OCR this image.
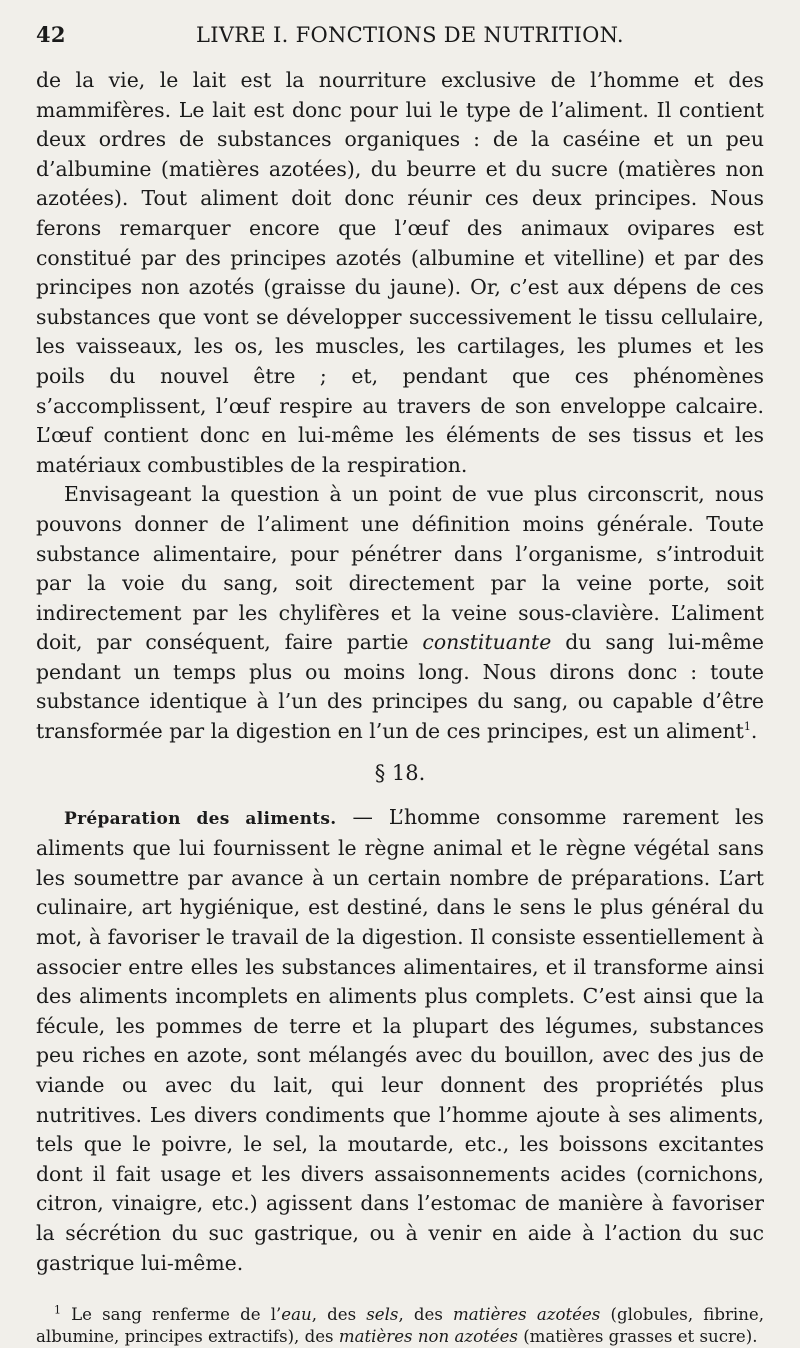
42	LIVRE I. FONCTIONS DE NUTRITION.

de la vie, le lait est la nourriture exclusive de l’homme et des mammifères. Le lait est donc pour lui le type de l’aliment. Il contient deux ordres de substances organiques : de la caséine et un peu d’albumine (matières azotées), du beurre et du sucre (matières non azotées). Tout aliment doit donc réunir ces deux principes. Nous ferons remarquer encore que l’œuf des animaux ovipares est constitué par des principes azotés (albumine et vitelline) et par des principes non azotés (graisse du jaune). Or, c’est aux dépens de ces substances que vont se développer successivement le tissu cellulaire, les vaisseaux, les os, les muscles, les cartilages, les plumes et les poils du nouvel être ; et, pendant que ces phénomènes s’accomplissent, l’œuf respire au travers de son enveloppe calcaire. L’œuf contient donc en lui-même les éléments de ses tissus et les matériaux combustibles de la respiration.

Envisageant la question à un point de vue plus circonscrit, nous pouvons donner de l’aliment une définition moins générale. Toute substance alimentaire, pour pénétrer dans l’organisme, s’introduit par la voie du sang, soit directement par la veine porte, soit indirectement par les chylifères et la veine sous-clavière. L’aliment doit, par conséquent, faire partie constituante du sang lui-même pendant un temps plus ou moins long. Nous dirons donc : toute substance identique à l’un des principes du sang, ou capable d’être transformée par la digestion en l’un de ces principes, est un aliment$^1$.

§ 18.

Préparation des aliments. — L’homme consomme rarement les aliments que lui fournissent le règne animal et le règne végétal sans les soumettre par avance à un certain nombre de préparations. L’art culinaire, art hygiénique, est destiné, dans le sens le plus général du mot, à favoriser le travail de la digestion. Il consiste essentiellement à associer entre elles les substances alimentaires, et il transforme ainsi des aliments incomplets en aliments plus complets. C’est ainsi que la fécule, les pommes de terre et la plupart des légumes, substances peu riches en azote, sont mélangés avec du bouillon, avec des jus de viande ou avec du lait, qui leur donnent des propriétés plus nutritives. Les divers condiments que l’homme ajoute à ses aliments, tels que le poivre, le sel, la moutarde, etc., les boissons excitantes dont il fait usage et les divers assaisonnements acides (cornichons, citron, vinaigre, etc.) agissent dans l’estomac de manière à favoriser la sécrétion du suc gastrique, ou à venir en aide à l’action du suc gastrique lui-même.

$^1$ Le sang renferme de l’eau, des sels, des matières azotées (globules, fibrine, albumine, principes extractifs), des matières non azotées (matières grasses et sucre).
